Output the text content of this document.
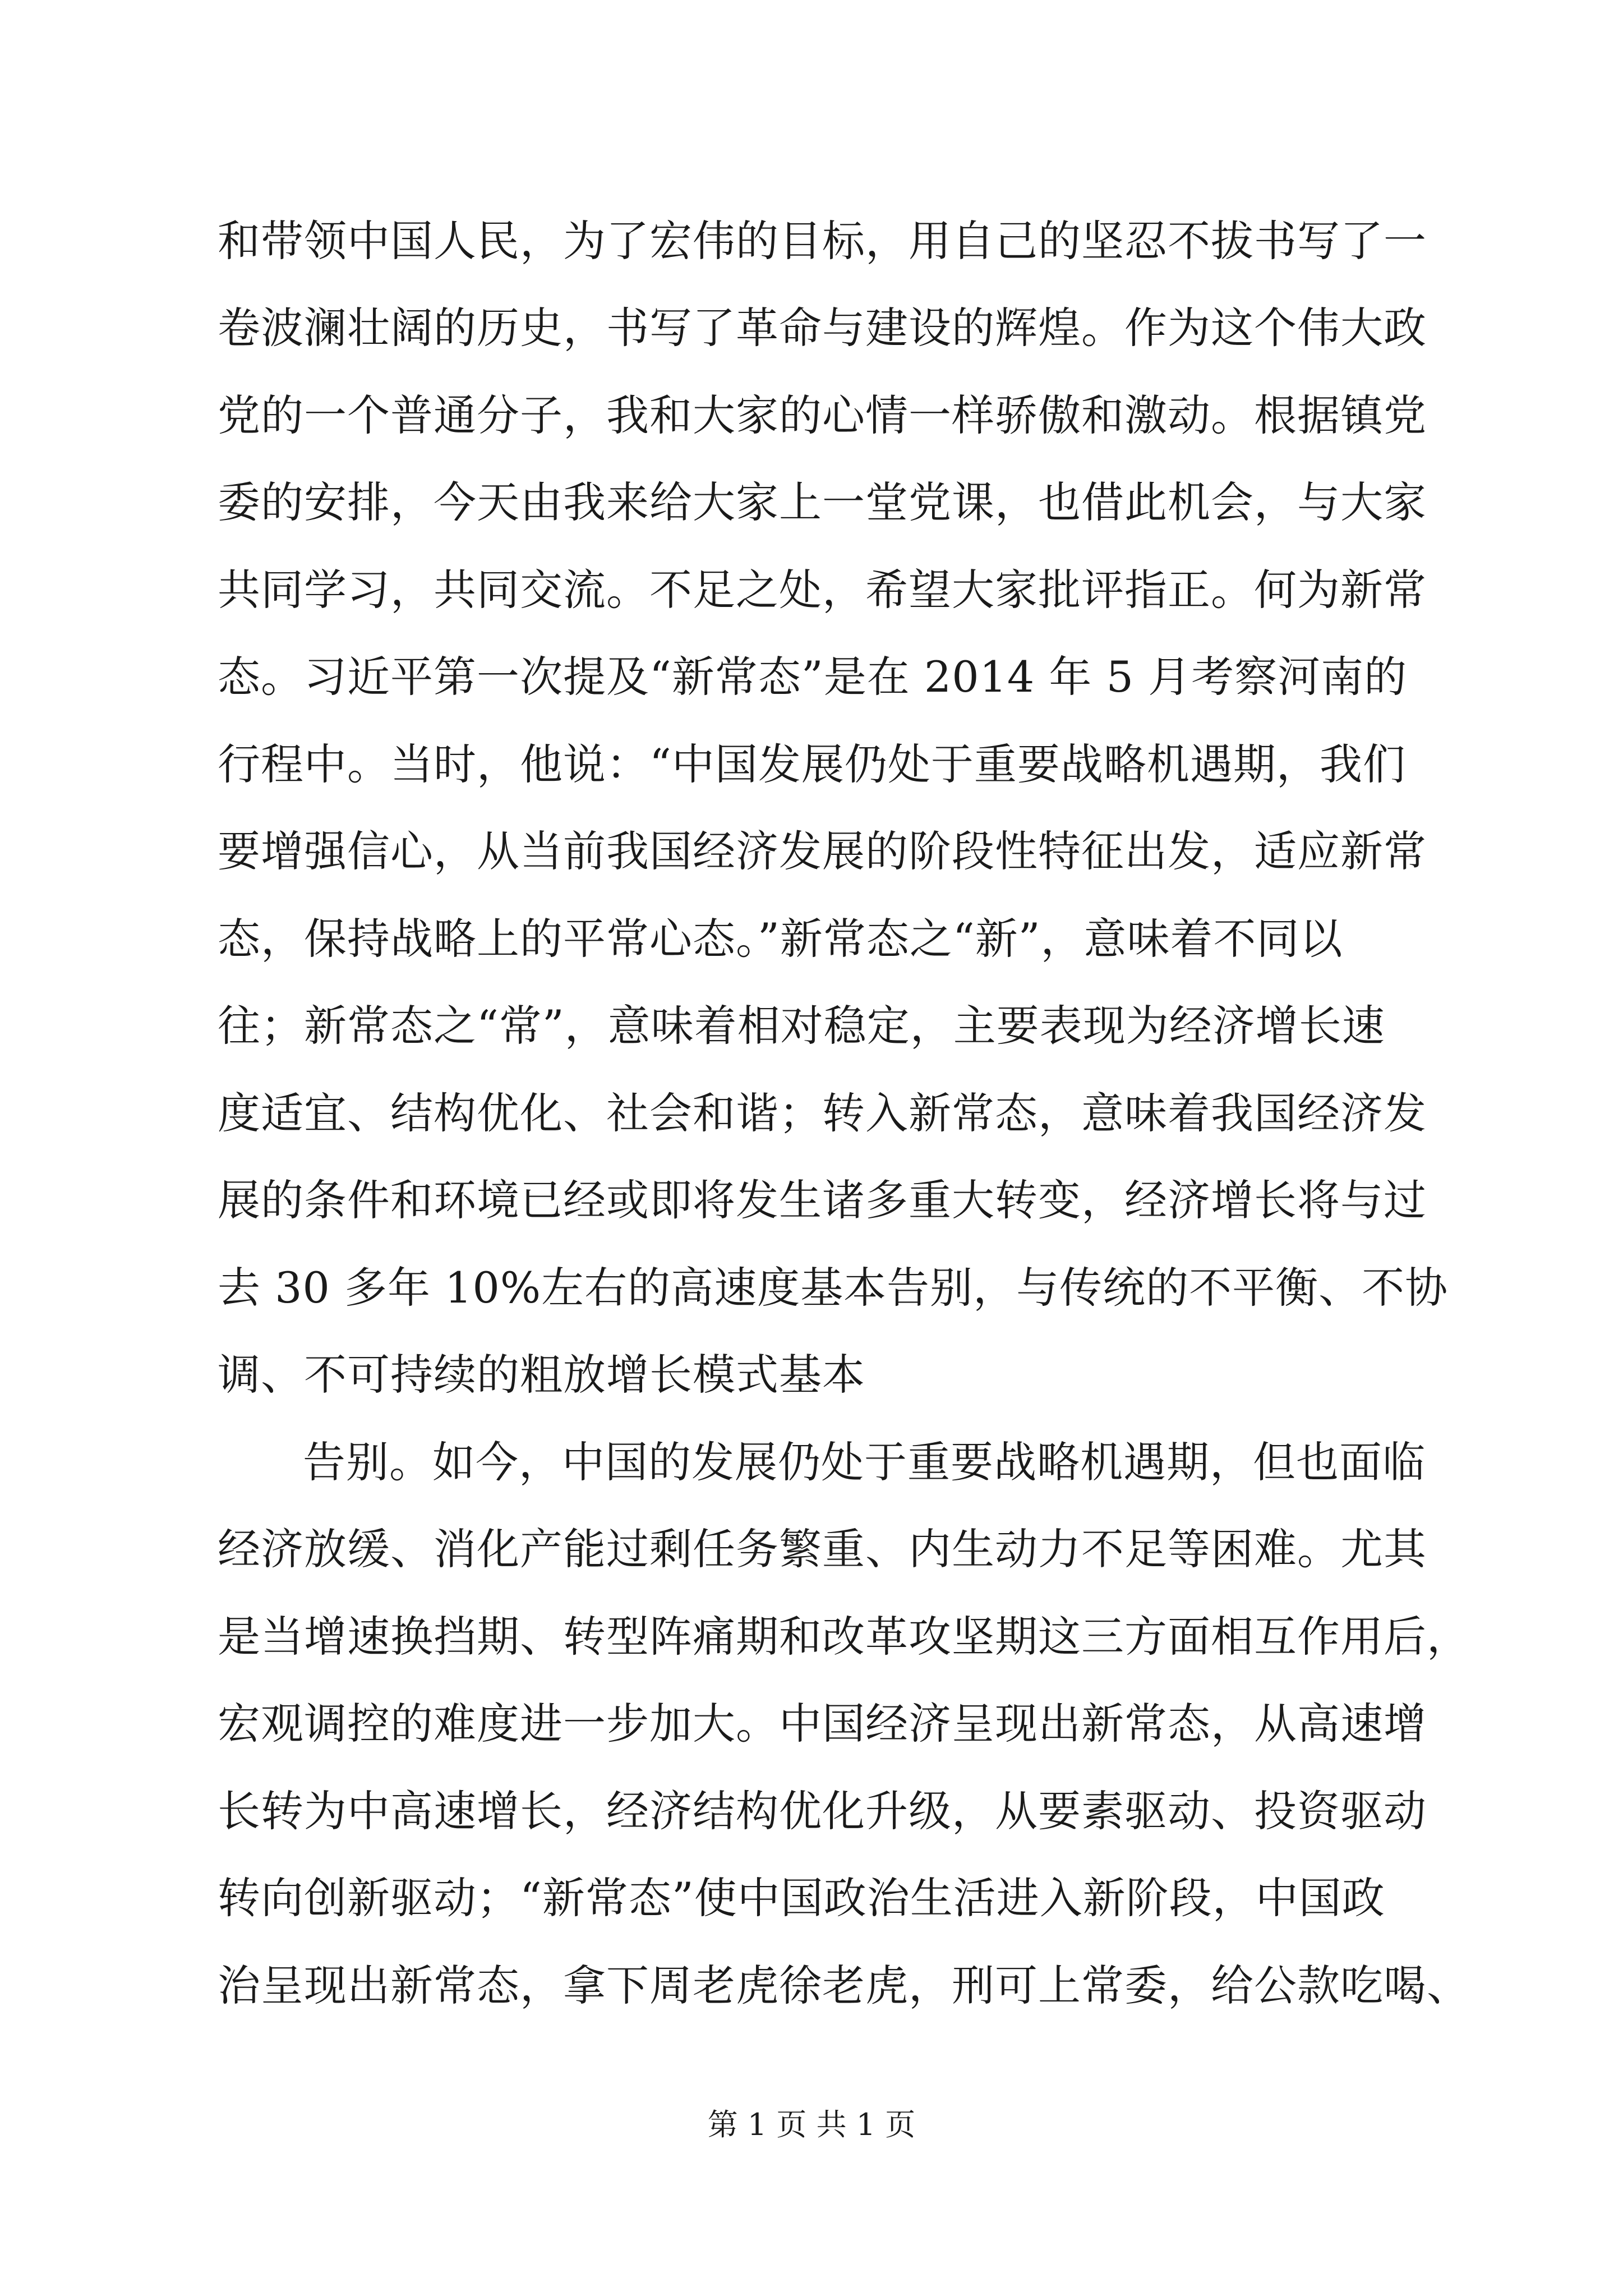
和带领中国人民，为了宏伟的目标，用自己的坚忍不拔书写了一

卷波澜壮阔的历史，书写了革命与建设的辉煌。作为这个伟大政

党的一个普通分子，我和大家的心情一样骄傲和激动。根据镇党

委的安排，今天由我来给大家上一堂党课，也借此机会，与大家

共同学习，共同交流。不足之处，希望大家批评指正。何为新常

态。习近平第一次提及“新常态”是在 2014 年 5 月考察河南的

行程中。当时，他说：“中国发展仍处于重要战略机遇期，我们

要增强信心，从当前我国经济发展的阶段性特征出发，适应新常

态，保持战略上的平常心态。”新常态之“新”，意味着不同以

往；新常态之“常”，意味着相对稳定，主要表现为经济增长速

度适宜、结构优化、社会和谐；转入新常态，意味着我国经济发

展的条件和环境已经或即将发生诸多重大转变，经济增长将与过

去 30 多年 10%左右的高速度基本告别，与传统的不平衡、不协

调、不可持续的粗放增长模式基本

告别。如今，中国的发展仍处于重要战略机遇期，但也面临

经济放缓、消化产能过剩任务繁重、内生动力不足等困难。尤其

是当增速换挡期、转型阵痛期和改革攻坚期这三方面相互作用后，

宏观调控的难度进一步加大。中国经济呈现出新常态，从高速增

长转为中高速增长，经济结构优化升级，从要素驱动、投资驱动

转向创新驱动；“新常态”使中国政治生活进入新阶段，中国政

治呈现出新常态，拿下周老虎徐老虎，刑可上常委，给公款吃喝、

第 1 页 共 1 页
